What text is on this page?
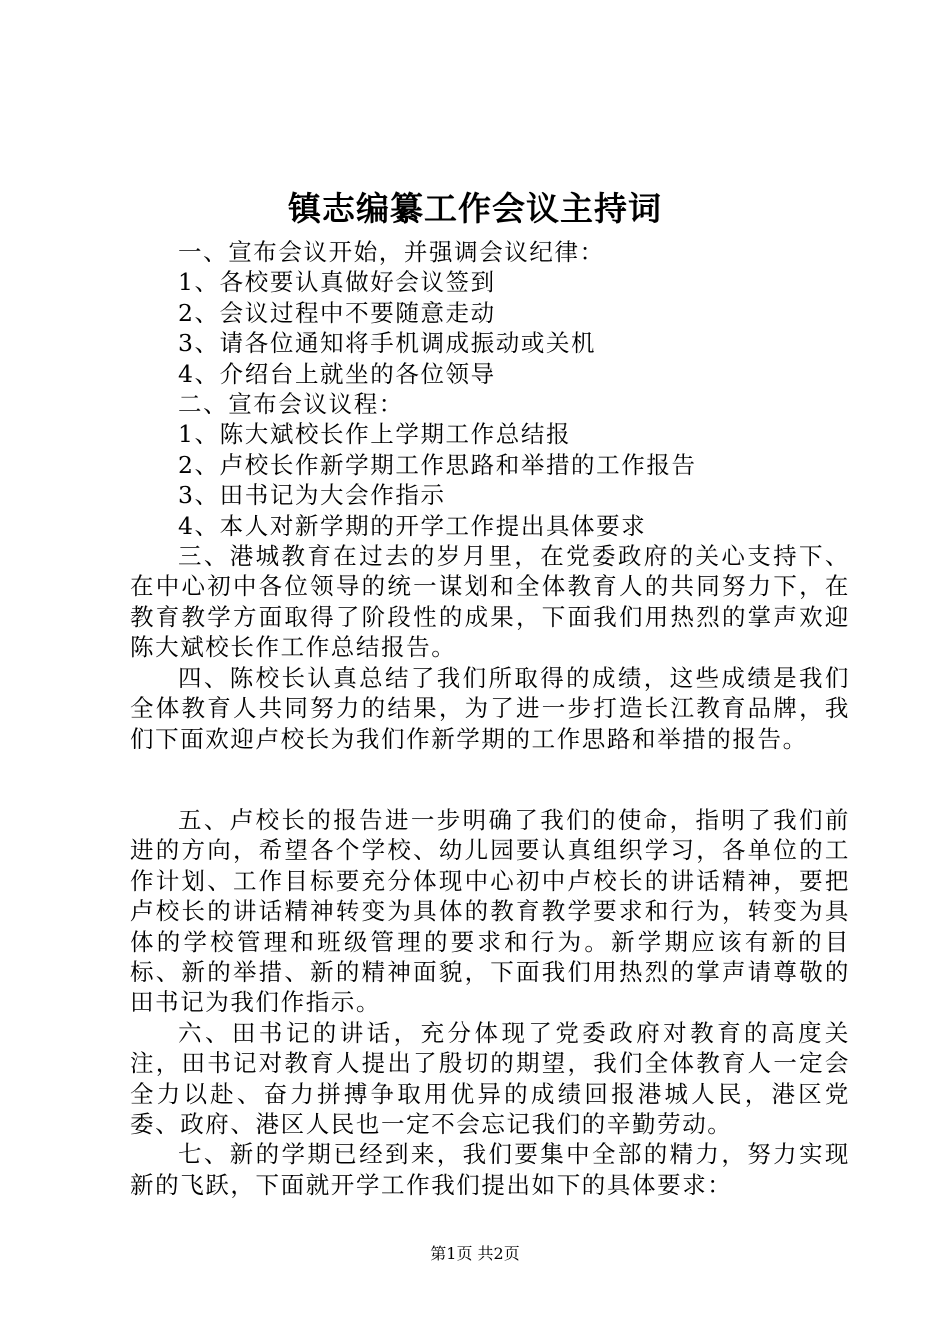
镇志编纂工作会议主持词
一、宣布会议开始，并强调会议纪律：
1、各校要认真做好会议签到
2、会议过程中不要随意走动
3、请各位通知将手机调成振动或关机
4、介绍台上就坐的各位领导
二、宣布会议议程：
1、陈大斌校长作上学期工作总结报
2、卢校长作新学期工作思路和举措的工作报告
3、田书记为大会作指示
4、本人对新学期的开学工作提出具体要求
三、港城教育在过去的岁月里，在党委政府的关心支持下、在中心初中各位领导的统一谋划和全体教育人的共同努力下，在教育教学方面取得了阶段性的成果，下面我们用热烈的掌声欢迎陈大斌校长作工作总结报告。
四、陈校长认真总结了我们所取得的成绩，这些成绩是我们全体教育人共同努力的结果，为了进一步打造长江教育品牌，我们下面欢迎卢校长为我们作新学期的工作思路和举措的报告。
五、卢校长的报告进一步明确了我们的使命，指明了我们前进的方向，希望各个学校、幼儿园要认真组织学习，各单位的工作计划、工作目标要充分体现中心初中卢校长的讲话精神，要把卢校长的讲话精神转变为具体的教育教学要求和行为，转变为具体的学校管理和班级管理的要求和行为。新学期应该有新的目标、新的举措、新的精神面貌，下面我们用热烈的掌声请尊敬的田书记为我们作指示。
六、田书记的讲话，充分体现了党委政府对教育的高度关注，田书记对教育人提出了殷切的期望，我们全体教育人一定会全力以赴、奋力拼搏争取用优异的成绩回报港城人民，港区党委、政府、港区人民也一定不会忘记我们的辛勤劳动。
七、新的学期已经到来，我们要集中全部的精力，努力实现新的飞跃，下面就开学工作我们提出如下的具体要求：
第1页 共2页
